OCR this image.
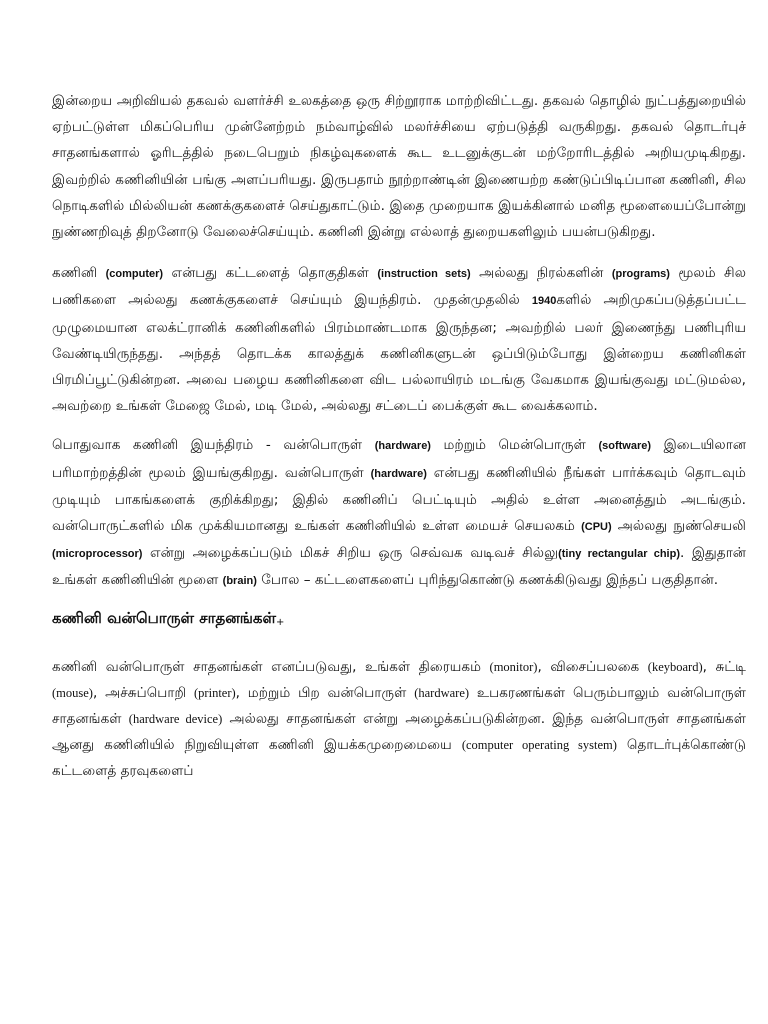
இன்றைய அறிவியல் தகவல் வளர்ச்சி உலகத்தை ஒரு சிற்றூராக மாற்றிவிட்டது. தகவல் தொழில் நுட்பத்துறையில் ஏற்பட்டுள்ள மிகப்பெரிய முன்னேற்றம் நம்வாழ்வில் மலர்ச்சியை ஏற்படுத்தி வருகிறது. தகவல் தொடர்புச் சாதனங்களால் ஓரிடத்தில் நடைபெறும் நிகழ்வுகளைக் கூட உடனுக்குடன் மற்றோரிடத்தில் அறியமுடிகிறது. இவற்றில் கணினியின் பங்கு அளப்பரியது. இருபதாம் நூற்றாண்டின் இணையற்ற கண்டுப்பிடிப்பான கணினி, சில நொடிகளில் மில்லியன் கணக்குகளைச் செய்துகாட்டும். இதை முறையாக இயக்கினால் மனித மூளையைப்போன்று நுண்ணறிவுத் திறனோடு வேலைச்செய்யும். கணினி இன்று எல்லாத் துறையகளிலும் பயன்படுகிறது.

கணினி (computer) என்பது கட்டளைத் தொகுதிகள் (instruction sets) அல்லது நிரல்களின் (programs) மூலம் சில பணிகளை அல்லது கணக்குகளைச் செய்யும் இயந்திரம். முதன்முதலில் 1940களில் அறிமுகப்படுத்தப்பட்ட முழுமையான எலக்ட்ரானிக் கணினிகளில் பிரம்மாண்டமாக இருந்தன; அவற்றில் பலர் இணைந்து பணிபுரிய வேண்டியிருந்தது. அந்தத் தொடக்க காலத்துக் கணினிகளுடன் ஒப்பிடும்போது இன்றைய கணினிகள் பிரமிப்பூட்டுகின்றன. அவை பழைய கணினிகளை விட பல்லாயிரம் மடங்கு வேகமாக இயங்குவது மட்டுமல்ல, அவற்றை உங்கள் மேஜை மேல், மடி மேல், அல்லது சட்டைப் பைக்குள் கூட வைக்கலாம்.

பொதுவாக கணினி இயந்திரம் - வன்பொருள் (hardware) மற்றும் மென்பொருள் (software) இடையிலான பரிமாற்றத்தின் மூலம் இயங்குகிறது. வன்பொருள் (hardware) என்பது கணினியில் நீங்கள் பார்க்கவும் தொடவும் முடியும் பாகங்களைக் குறிக்கிறது; இதில் கணினிப் பெட்டியும் அதில் உள்ள அனைத்தும் அடங்கும். வன்பொருட்களில் மிக முக்கியமானது உங்கள் கணினியில் உள்ள மையச் செயலகம் (CPU) அல்லது நுண்செயலி (microprocessor) என்று அழைக்கப்படும் மிகச் சிறிய ஒரு செவ்வக வடிவச் சில்லு(tiny rectangular chip). இதுதான் உங்கள் கணினியின் மூளை (brain) போல – கட்டளைகளைப் புரிந்துகொண்டு கணக்கிடுவது இந்தப் பகுதிதான்.

கணினி வன்பொருள் சாதனங்கள்+

கணினி வன்பொருள் சாதனங்கள் எனப்படுவது, உங்கள் திரையகம் (monitor), விசைப்பலகை (keyboard), சுட்டி (mouse), அச்சுப்பொறி (printer), மற்றும் பிற வன்பொருள் (hardware) உபகரணங்கள் பெரும்பாலும் வன்பொருள் சாதனங்கள் (hardware device) அல்லது சாதனங்கள் என்று அழைக்கப்படுகின்றன. இந்த வன்பொருள் சாதனங்கள் ஆனது கணினியில் நிறுவியுள்ள கணினி இயக்கமுறைமையை (computer operating system) தொடர்புக்கொண்டு கட்டளைத் தரவுகளைப்
